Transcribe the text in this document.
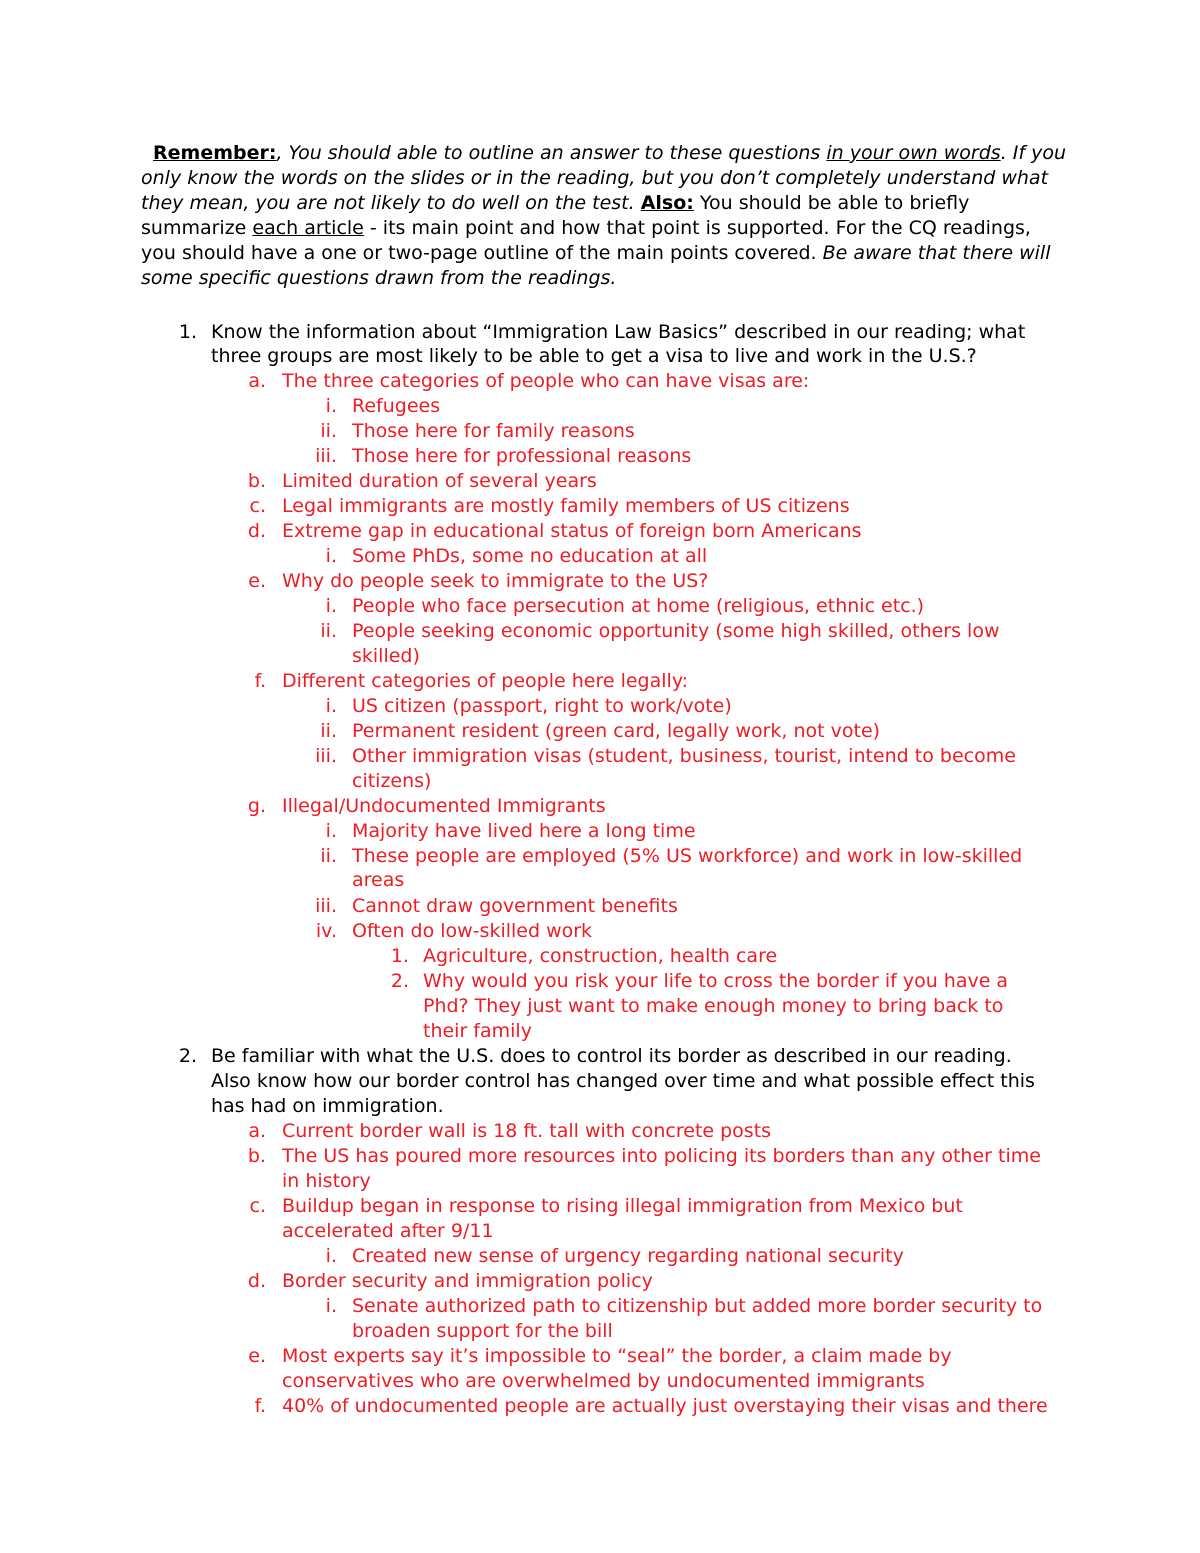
Remember:, You should able to outline an answer to these questions in your own words. If you only know the words on the slides or in the reading, but you don’t completely understand what they mean, you are not likely to do well on the test. Also: You should be able to briefly summarize each article - its main point and how that point is supported. For the CQ readings, you should have a one or two-page outline of the main points covered. Be aware that there will some specific questions drawn from the readings.
1. Know the information about “Immigration Law Basics” described in our reading; what
three groups are most likely to be able to get a visa to live and work in the U.S.?
a. The three categories of people who can have visas are:
i. Refugees
ii. Those here for family reasons
iii. Those here for professional reasons
b. Limited duration of several years
c. Legal immigrants are mostly family members of US citizens
d. Extreme gap in educational status of foreign born Americans
i. Some PhDs, some no education at all
e. Why do people seek to immigrate to the US?
i. People who face persecution at home (religious, ethnic etc.)
ii. People seeking economic opportunity (some high skilled, others low
skilled)
f. Different categories of people here legally:
i. US citizen (passport, right to work/vote)
ii. Permanent resident (green card, legally work, not vote)
iii. Other immigration visas (student, business, tourist, intend to become
citizens)
g. Illegal/Undocumented Immigrants
i. Majority have lived here a long time
ii. These people are employed (5% US workforce) and work in low-skilled
areas
iii. Cannot draw government benefits
iv. Often do low-skilled work
1. Agriculture, construction, health care
2. Why would you risk your life to cross the border if you have a
Phd? They just want to make enough money to bring back to
their family
2. Be familiar with what the U.S. does to control its border as described in our reading.
Also know how our border control has changed over time and what possible effect this
has had on immigration.
a. Current border wall is 18 ft. tall with concrete posts
b. The US has poured more resources into policing its borders than any other time
in history
c. Buildup began in response to rising illegal immigration from Mexico but
accelerated after 9/11
i. Created new sense of urgency regarding national security
d. Border security and immigration policy
i. Senate authorized path to citizenship but added more border security to
broaden support for the bill
e. Most experts say it’s impossible to “seal” the border, a claim made by
conservatives who are overwhelmed by undocumented immigrants
f. 40% of undocumented people are actually just overstaying their visas and there
